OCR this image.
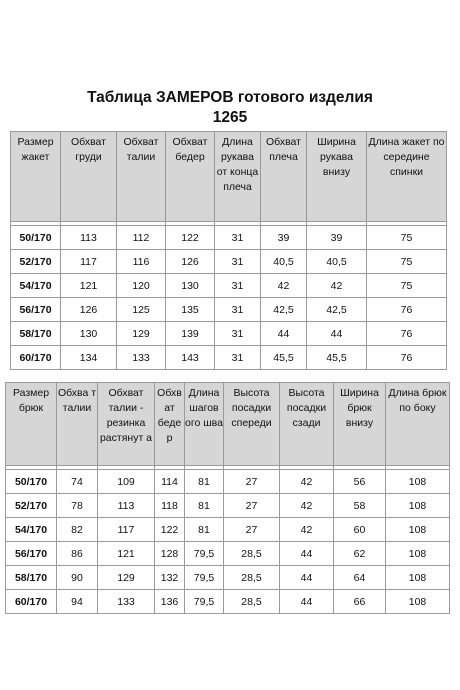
Таблица ЗАМЕРОВ готового изделия
1265
Размер жакет	Обхват груди	Обхват талии	Обхват бедер	Длина рукава от конца плеча	Обхват плеча	Ширина рукава внизу	Длина жакет по середине спинки

50/170	113	112	122	31	39	39	75
52/170	117	116	126	31	40,5	40,5	75
54/170	121	120	130	31	42	42	75
56/170	126	125	135	31	42,5	42,5	76
58/170	130	129	139	31	44	44	76
60/170	134	133	143	31	45,5	45,5	76
Размер брюк	Обхва т талии	Обхват талии - резинка растянут а	Обхв ат беде р	Длина шагов ого шва	Высота посадки спереди	Высота посадки сзади	Ширина брюк внизу	Длина брюк по боку

50/170	74	109	114	81	27	42	56	108
52/170	78	113	118	81	27	42	58	108
54/170	82	117	122	81	27	42	60	108
56/170	86	121	128	79,5	28,5	44	62	108
58/170	90	129	132	79,5	28,5	44	64	108
60/170	94	133	136	79,5	28,5	44	66	108
